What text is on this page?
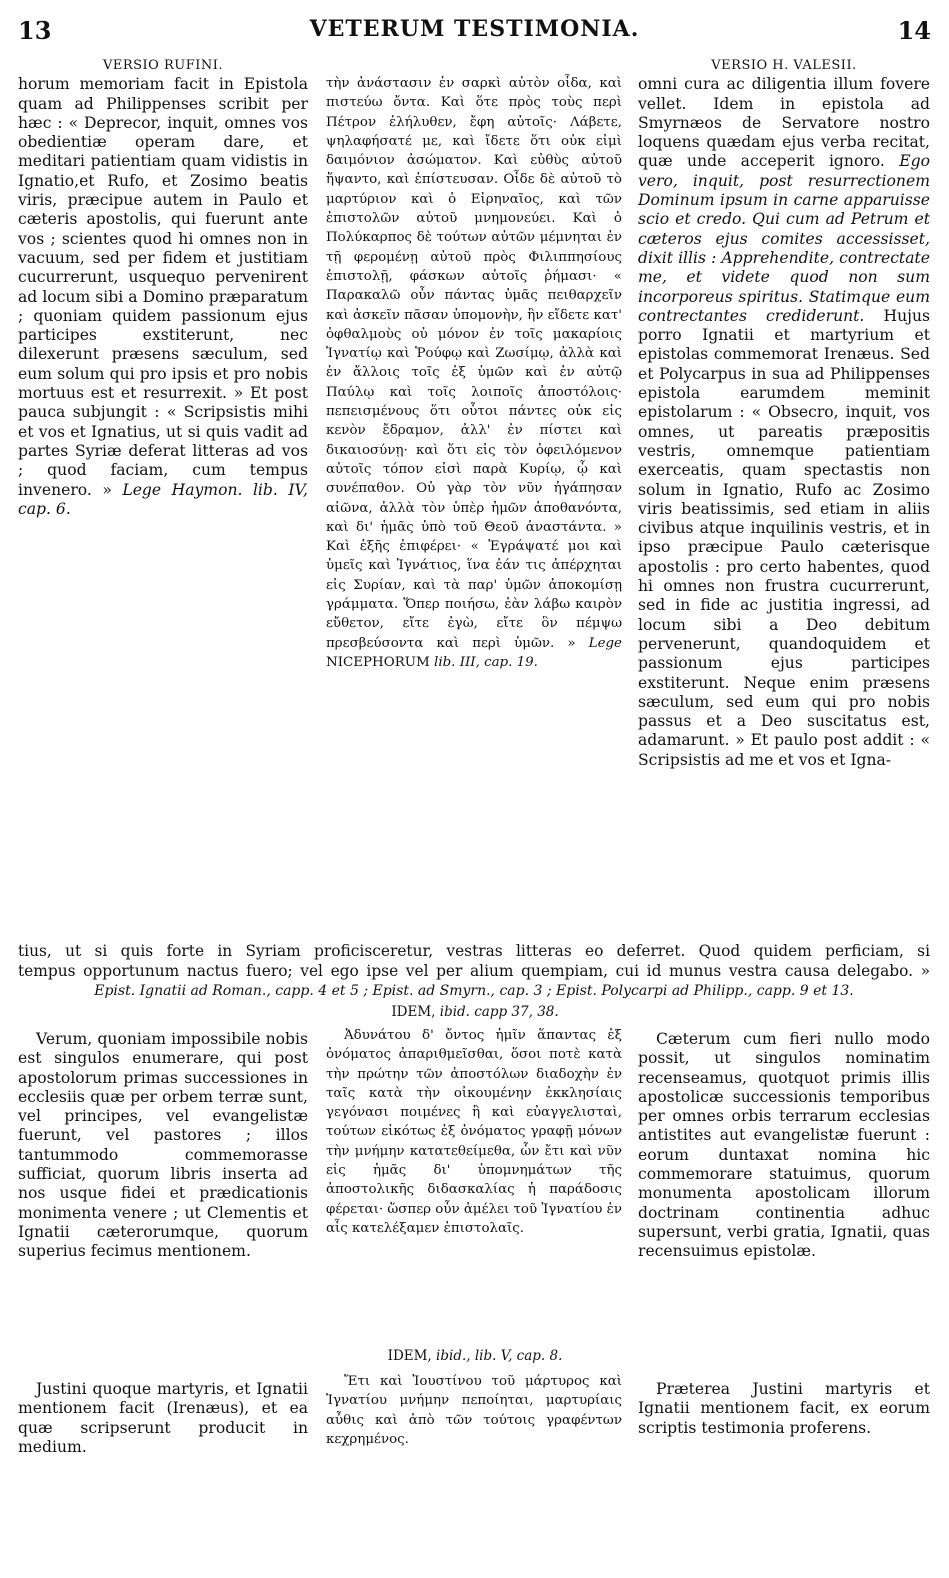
13	VETERUM TESTIMONIA.	14
VERSIO RUFINI.
horum memoriam facit in Epistola quam ad Philippenses scribit per hæc : « Deprecor, inquit, omnes vos obedientiæ operam dare, et meditari patientiam quam vidistis in Ignatio,et Rufo, et Zosimo beatis viris, præcipue autem in Paulo et cæteris apostolis, qui fuerunt ante vos ; scientes quod hi omnes non in vacuum, sed per fidem et justitiam cucurrerunt, usquequo pervenirent ad locum sibi a Domino præparatum ; quoniam quidem passionum ejus participes exstiterunt, nec dilexerunt præsens sæculum, sed eum solum qui pro ipsis et pro nobis mortuus est et resurrexit. » Et post pauca subjungit : « Scripsistis mihi et vos et Ignatius, ut si quis vadit ad partes Syriæ deferat litteras ad vos ; quod faciam, cum tempus invenero. » Lege Haymon. lib. IV, cap. 6.
τὴν ἀνάστασιν ἐν σαρκὶ αὐτὸν οἶδα, καὶ πιστεύω ὄντα. Καὶ ὅτε πρὸς τοὺς περὶ Πέτρον ἐλήλυθεν, ἔφη αὐτοῖς· Λάβετε, ψηλαφήσατέ με, καὶ ἴδετε ὅτι οὐκ εἰμὶ δαιμόνιον ἀσώματον. Καὶ εὐθὺς αὐτοῦ ἥψαντο, καὶ ἐπίστευσαν. Οἶδε δὲ αὐτοῦ τὸ μαρτύριον καὶ ὁ Εἰρηναῖος, καὶ τῶν ἐπιστολῶν αὐτοῦ μνημονεύει. Καὶ ὁ Πολύκαρπος δὲ τούτων αὐτῶν μέμνηται ἐν τῇ φερομένῃ αὐτοῦ πρὸς Φιλιππησίους ἐπιστολῇ, φάσκων αὐτοῖς ῥήμασι· « Παρακαλῶ οὖν πάντας ὑμᾶς πειθαρχεῖν καὶ ἀσκεῖν πᾶσαν ὑπομονὴν, ἣν εἴδετε κατ' ὀφθαλμοὺς οὐ μόνον ἐν τοῖς μακαρίοις Ἰγνατίῳ καὶ Ῥούφῳ καὶ Ζωσίμῳ, ἀλλὰ καὶ ἐν ἄλλοις τοῖς ἐξ ὑμῶν καὶ ἐν αὐτῷ Παύλῳ καὶ τοῖς λοιποῖς ἀποστόλοις· πεπεισμένους ὅτι οὗτοι πάντες οὐκ εἰς κενὸν ἔδραμον, ἀλλ' ἐν πίστει καὶ δικαιοσύνῃ· καὶ ὅτι εἰς τὸν ὀφειλόμενον αὐτοῖς τόπον εἰσὶ παρὰ Κυρίῳ, ᾧ καὶ συνέπαθον. Οὐ γὰρ τὸν νῦν ἠγάπησαν αἰῶνα, ἀλλὰ τὸν ὑπὲρ ἡμῶν ἀποθανόντα, καὶ δι' ἡμᾶς ὑπὸ τοῦ Θεοῦ ἀναστάντα. » Καὶ ἑξῆς ἐπιφέρει· « Ἐγράψατέ μοι καὶ ὑμεῖς καὶ Ἰγνάτιος, ἵνα ἐάν τις ἀπέρχηται εἰς Συρίαν, καὶ τὰ παρ' ὑμῶν ἀποκομίσῃ γράμματα. Ὅπερ ποιήσω, ἐὰν λάβω καιρὸν εὔθετον, εἴτε ἐγὼ, εἴτε ὃν πέμψω πρεσβεύσοντα καὶ περὶ ὑμῶν. » Lege NICEPHORUM lib. III, cap. 19.
VERSIO H. VALESII.
omni cura ac diligentia illum fovere vellet. Idem in epistola ad Smyrnæos de Servatore nostro loquens quædam ejus verba recitat, quæ unde acceperit ignoro. Ego vero, inquit, post resurrectionem Dominum ipsum in carne apparuisse scio et credo. Qui cum ad Petrum et cæteros ejus comites accessisset, dixit illis : Apprehendite, contrectate me, et videte quod non sum incorporeus spiritus. Statimque eum contrectantes crediderunt. Hujus porro Ignatii et martyrium et epistolas commemorat Irenæus. Sed et Polycarpus in sua ad Philippenses epistola earumdem meminit epistolarum : « Obsecro, inquit, vos omnes, ut pareatis præpositis vestris, omnemque patientiam exerceatis, quam spectastis non solum in Ignatio, Rufo ac Zosimo viris beatissimis, sed etiam in aliis civibus atque inquilinis vestris, et in ipso præcipue Paulo cæterisque apostolis : pro certo habentes, quod hi omnes non frustra cucurrerunt, sed in fide ac justitia ingressi, ad locum sibi a Deo debitum pervenerunt, quandoquidem et passionum ejus participes exstiterunt. Neque enim præsens sæculum, sed eum qui pro nobis passus et a Deo suscitatus est, adamarunt. » Et paulo post addit : « Scripsistis ad me et vos et Igna-
tius, ut si quis forte in Syriam proficisceretur, vestras litteras eo deferret. Quod quidem perficiam, si
tempus opportunum nactus fuero; vel ego ipse vel per alium quempiam, cui id munus vestra causa delegabo. »
Epist. Ignatii ad Roman., capp. 4 et 5 ; Epist. ad Smyrn., cap. 3 ; Epist. Polycarpi ad Philipp., capp. 9 et 13.
IDEM, ibid. capp 37, 38.

Verum, quoniam impossibile nobis est singulos enumerare, qui post apostolorum primas successiones in ecclesiis quæ per orbem terræ sunt, vel principes, vel evangelistæ fuerunt, vel pastores ; illos tantummodo commemorasse sufficiat, quorum libris inserta ad nos usque fidei et prædicationis monimenta venere ; ut Clementis et Ignatii cæterorumque, quorum superius fecimus mentionem.

Ἀδυνάτου δ' ὄντος ἡμῖν ἅπαντας ἐξ ὀνόματος ἀπαριθμεῖσθαι, ὅσοι ποτὲ κατὰ τὴν πρώτην τῶν ἀποστόλων διαδοχὴν ἐν ταῖς κατὰ τὴν οἰκουμένην ἐκκλησίαις γεγόνασι ποιμένες ἢ καὶ εὐαγγελισταὶ, τούτων εἰκότως ἐξ ὀνόματος γραφῇ μόνων τὴν μνήμην κατατεθείμεθα, ὧν ἔτι καὶ νῦν εἰς ἡμᾶς δι' ὑπομνημάτων τῆς ἀποστολικῆς διδασκαλίας ἡ παράδοσις φέρεται· ὥσπερ οὖν ἀμέλει τοῦ Ἰγνατίου ἐν αἷς κατελέξαμεν ἐπιστολαῖς.

Cæterum cum fieri nullo modo possit, ut singulos nominatim recenseamus, quotquot primis illis apostolicæ successionis temporibus per omnes orbis terrarum ecclesias antistites aut evangelistæ fuerunt : eorum duntaxat nomina hic commemorare statuimus, quorum monumenta apostolicam illorum doctrinam continentia adhuc supersunt, verbi gratia, Ignatii, quas recensuimus epistolæ.

IDEM, ibid., lib. V, cap. 8.

Justini quoque martyris, et Ignatii mentionem facit (Irenæus), et ea quæ scripserunt producit in medium.

Ἔτι καὶ Ἰουστίνου τοῦ μάρτυρος καὶ Ἰγνατίου μνήμην πεποίηται, μαρτυρίαις αὖθις καὶ ἀπὸ τῶν τούτοις γραφέντων κεχρημένος.

Præterea Justini martyris et Ignatii mentionem facit, ex eorum scriptis testimonia proferens.
